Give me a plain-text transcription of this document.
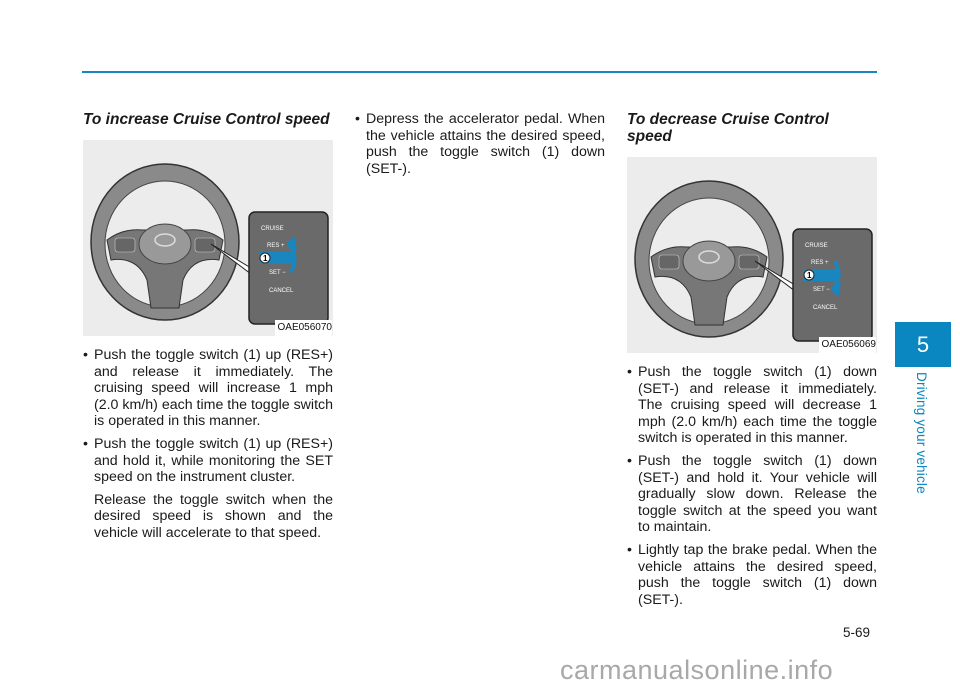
To increase Cruise Control speed
CRUISE
RES +
1
SET −
CANCEL
OAE056070
• Push the toggle switch (1) up (RES+) and release it immediately. The cruising speed will increase 1 mph (2.0 km/h) each time the toggle switch is operated in this manner.
• Push the toggle switch (1) up (RES+) and hold it, while monitoring the SET speed on the instrument cluster.

Release the toggle switch when the desired speed is shown and the vehicle will accelerate to that speed.

• Depress the accelerator pedal. When the vehicle attains the desired speed, push the toggle switch (1) down (SET-).
To decrease Cruise Control speed
CRUISE
RES +
1
SET −
CANCEL
OAE056069
• Push the toggle switch (1) down (SET-) and release it immediately. The cruising speed will decrease 1 mph (2.0 km/h) each time the toggle switch is operated in this manner.
• Push the toggle switch (1) down (SET-) and hold it. Your vehicle will gradually slow down. Release the toggle switch at the speed you want to maintain.
• Lightly tap the brake pedal. When the vehicle attains the desired speed, push the toggle switch (1) down (SET-).
5
Driving your vehicle
5-69
carmanualsonline.info
